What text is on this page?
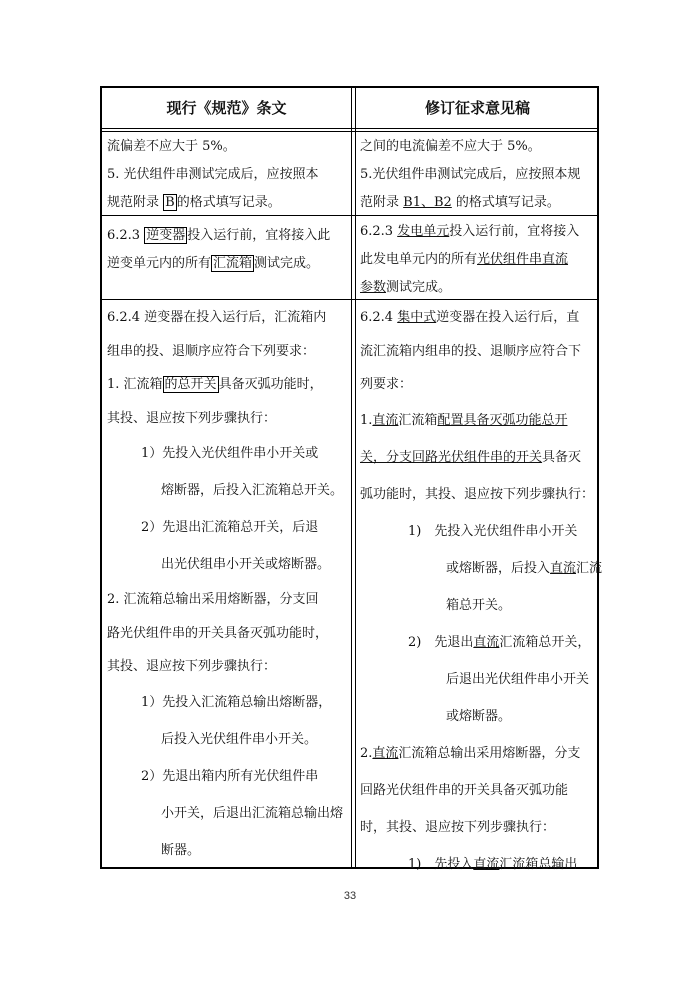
现行《规范》条文	修订征求意见稿
流偏差不应大于 5%。
5. 光伏组件串测试完成后，应按照本
规范附录 B 的格式填写记录。
之间的电流偏差不应大于 5%。
5.光伏组件串测试完成后，应按照本规
范附录 B1、B2 的格式填写记录。
6.2.3 逆变器 投入运行前，宜将接入此
逆变单元内的所有 汇流箱 测试完成。
6.2.3 发电单元投入运行前，宜将接入
此发电单元内的所有光伏组件串直流
参数测试完成。
6.2.4 逆变器在投入运行后，汇流箱内
组串的投、退顺序应符合下列要求：
1. 汇流箱 的总开关 具备灭弧功能时，
其投、退应按下列步骤执行：
1）先投入光伏组件串小开关或
熔断器，后投入汇流箱总开关。
2）先退出汇流箱总开关，后退
出光伏组串小开关或熔断器。
2. 汇流箱总输出采用熔断器，分支回
路光伏组件串的开关具备灭弧功能时，
其投、退应按下列步骤执行：
1）先投入汇流箱总输出熔断器，
后投入光伏组件串小开关。
2）先退出箱内所有光伏组件串
小开关，后退出汇流箱总输出熔
断器。
6.2.4 集中式逆变器在投入运行后，直
流汇流箱内组串的投、退顺序应符合下
列要求：
1.直流汇流箱配置具备灭弧功能总开
关，分支回路光伏组件串的开关具备灭
弧功能时，其投、退应按下列步骤执行：
1)　先投入光伏组件串小开关
或熔断器，后投入直流汇流
箱总开关。
2)　先退出直流汇流箱总开关，
后退出光伏组件串小开关
或熔断器。
2.直流汇流箱总输出采用熔断器，分支
回路光伏组件串的开关具备灭弧功能
时，其投、退应按下列步骤执行：
1)　先投入直流汇流箱总输出
33
